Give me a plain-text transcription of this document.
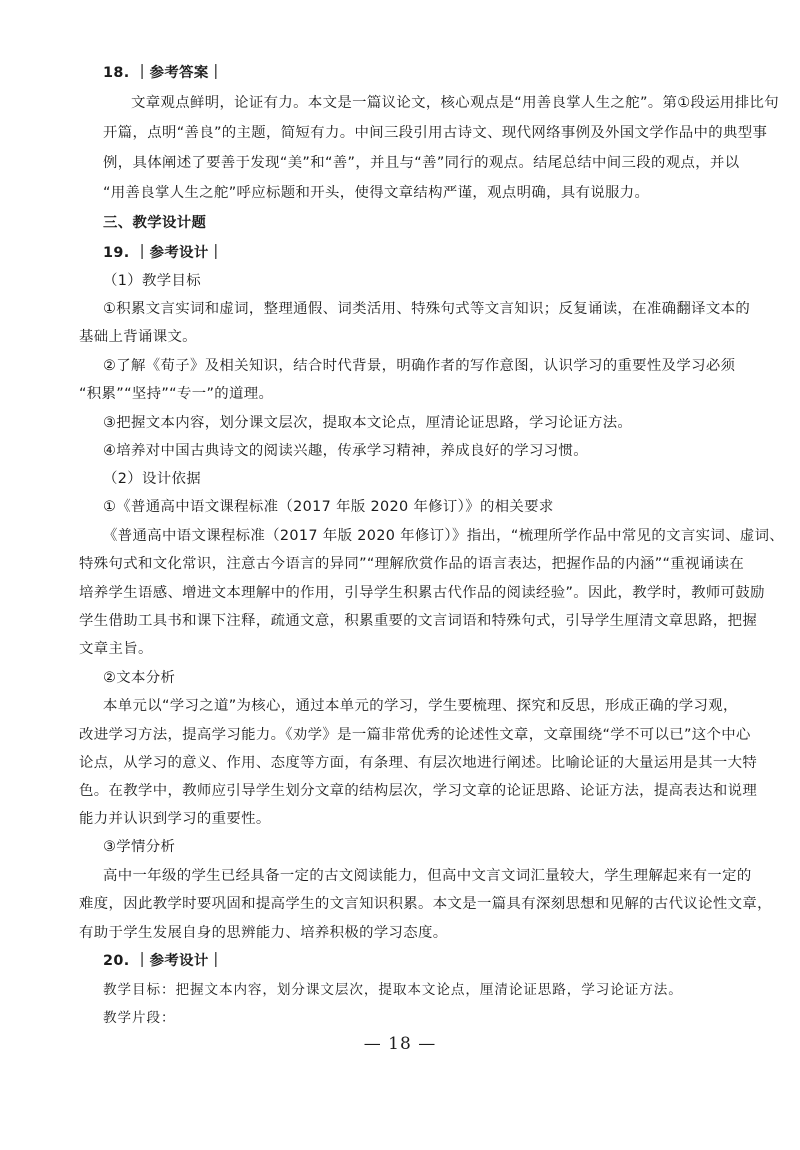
18. ｜参考答案｜
文章观点鲜明，论证有力。本文是一篇议论文，核心观点是“用善良掌人生之舵”。第①段运用排比句
开篇，点明“善良”的主题，简短有力。中间三段引用古诗文、现代网络事例及外国文学作品中的典型事
例，具体阐述了要善于发现“美”和“善”，并且与“善”同行的观点。结尾总结中间三段的观点，并以
“用善良掌人生之舵”呼应标题和开头，使得文章结构严谨，观点明确，具有说服力。
三、教学设计题
19. ｜参考设计｜
（1）教学目标
①积累文言实词和虚词，整理通假、词类活用、特殊句式等文言知识；反复诵读，在准确翻译文本的
基础上背诵课文。
②了解《荀子》及相关知识，结合时代背景，明确作者的写作意图，认识学习的重要性及学习必须
“积累”“坚持”“专一”的道理。
③把握文本内容，划分课文层次，提取本文论点，厘清论证思路，学习论证方法。
④培养对中国古典诗文的阅读兴趣，传承学习精神，养成良好的学习习惯。
（2）设计依据
①《普通高中语文课程标准（2017 年版 2020 年修订）》的相关要求
《普通高中语文课程标准（2017 年版 2020 年修订）》指出，“梳理所学作品中常见的文言实词、虚词、
特殊句式和文化常识，注意古今语言的异同”“理解欣赏作品的语言表达，把握作品的内涵”“重视诵读在
培养学生语感、增进文本理解中的作用，引导学生积累古代作品的阅读经验”。因此，教学时，教师可鼓励
学生借助工具书和课下注释，疏通文意，积累重要的文言词语和特殊句式，引导学生厘清文章思路，把握
文章主旨。
②文本分析
本单元以“学习之道”为核心，通过本单元的学习，学生要梳理、探究和反思，形成正确的学习观，
改进学习方法，提高学习能力。《劝学》是一篇非常优秀的论述性文章，文章围绕“学不可以已”这个中心
论点，从学习的意义、作用、态度等方面，有条理、有层次地进行阐述。比喻论证的大量运用是其一大特
色。在教学中，教师应引导学生划分文章的结构层次，学习文章的论证思路、论证方法，提高表达和说理
能力并认识到学习的重要性。
③学情分析
高中一年级的学生已经具备一定的古文阅读能力，但高中文言文词汇量较大，学生理解起来有一定的
难度，因此教学时要巩固和提高学生的文言知识积累。本文是一篇具有深刻思想和见解的古代议论性文章，
有助于学生发展自身的思辨能力、培养积极的学习态度。
20. ｜参考设计｜
教学目标：把握文本内容，划分课文层次，提取本文论点，厘清论证思路，学习论证方法。
教学片段：
— 18 —
